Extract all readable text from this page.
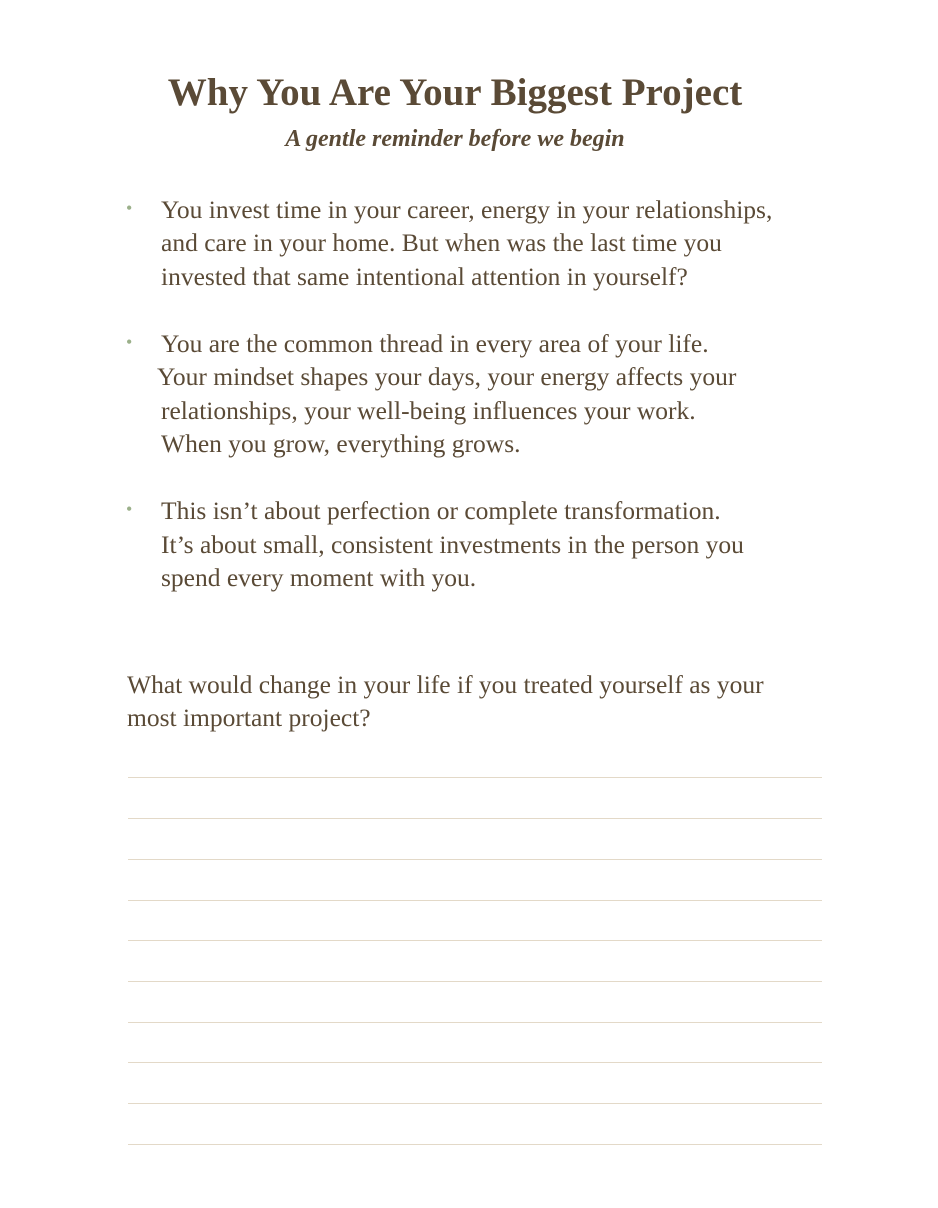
Why You Are Your Biggest Project

A gentle reminder before we begin

• You invest time in your career, energy in your relationships,
and care in your home. But when was the last time you
invested that same intentional attention in yourself?
• You are the common thread in every area of your life.
Your mindset shapes your days, your energy affects your
relationships, your well-being influences your work.
When you grow, everything grows.
• This isn’t about perfection or complete transformation.
It’s about small, consistent investments in the person you
spend every moment with you.
What would change in your life if you treated yourself as your
most important project?
